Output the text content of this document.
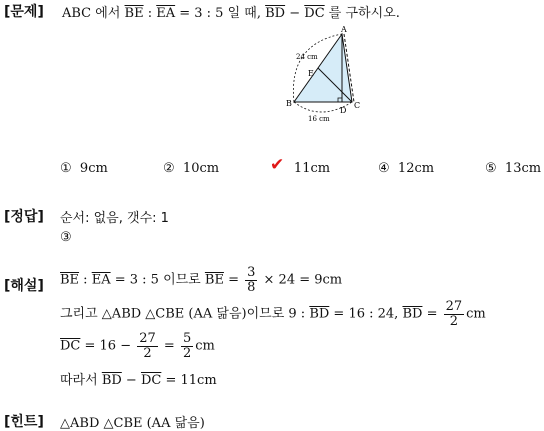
[문제] ABC 에서 $\overline{BE}$ : $\overline{EA} = 3$ : 5 일 때, $\overline{BD} - \overline{DC}$ 를 구하시오.
A
B	C
D
E
24 cm
16 cm
① 9cm	② 10cm	✔ 11cm	④ 12cm	⑤ 13cm
[정답] 순서: 없음, 갯수: 1
③
[해설] $\overline{BE}$ : $\overline{EA} = 3$ : 5 이므로 $\overline{BE} = \frac{3}{8} \times 24 = 9cm$
그리고 △ABD △CBE (AA 닮음)이므로 9 : $\overline{BD} = 16$ : 24, $\overline{BD} = \frac{27}{2}$ cm
$\overline{DC} = 16 - \frac{27}{2} = \frac{5}{2}$ cm
따라서 $\overline{BD} - \overline{DC} = 11cm$
[힌트] △ABD △CBE (AA 닮음)
